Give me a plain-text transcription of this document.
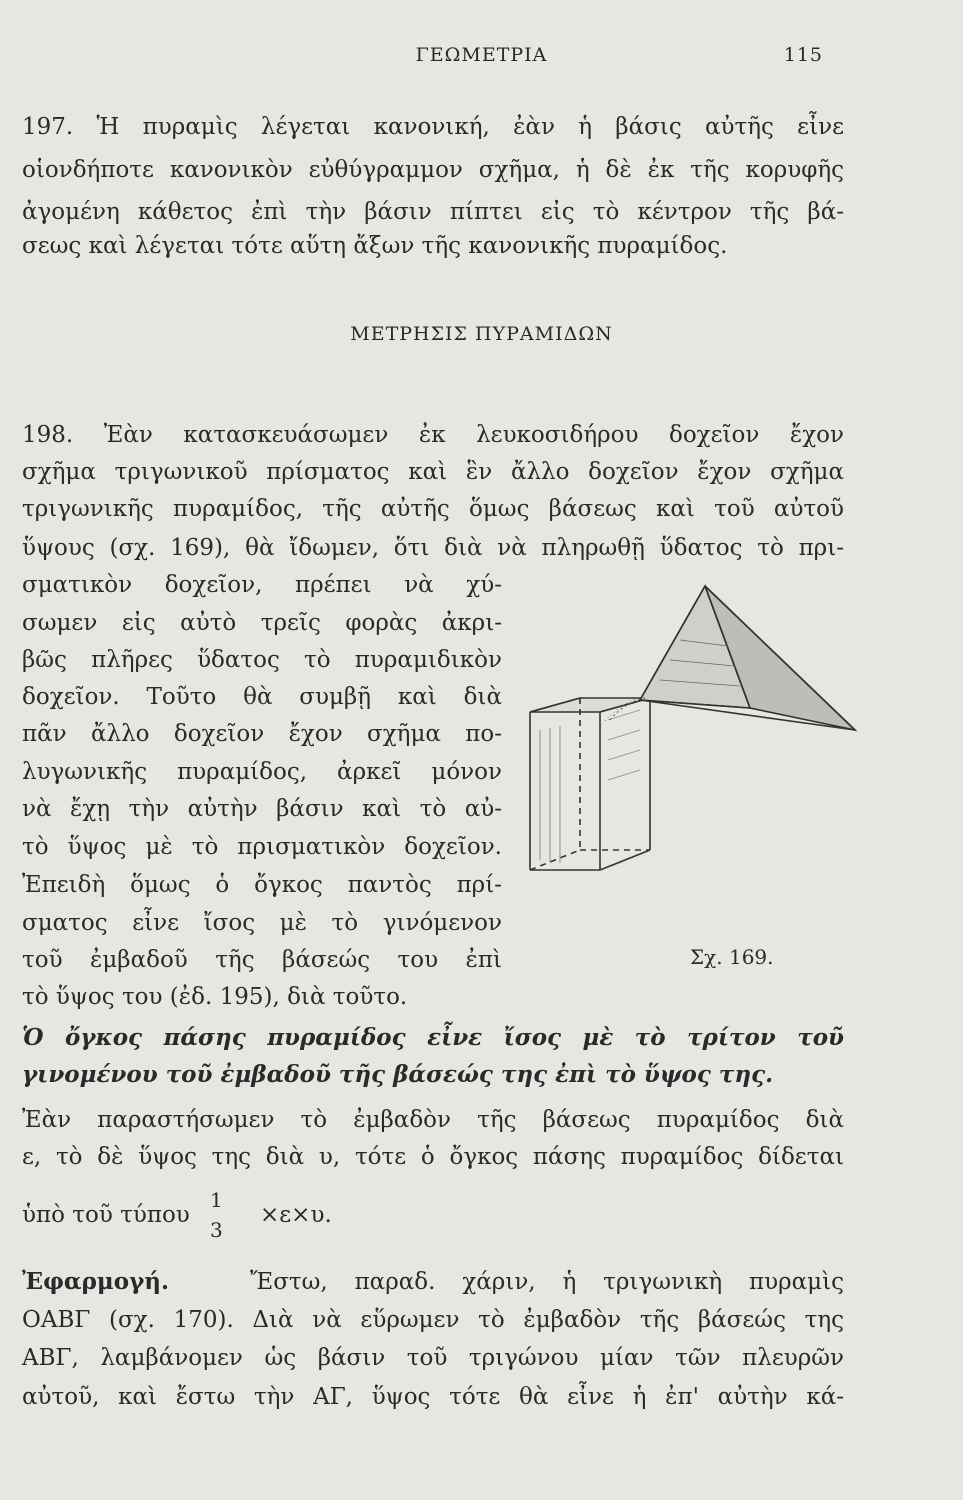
ΓΕΩΜΕΤΡΙΑ	115
197. Ἡ πυραμὶς λέγεται κανονική, ἐὰν ἡ βάσις αὐτῆς εἶνε
οἱονδήποτε κανονικὸν εὐθύγραμμον σχῆμα, ἡ δὲ ἐκ τῆς κορυφῆς
ἀγομένη κάθετος ἐπὶ τὴν βάσιν πίπτει εἰς τὸ κέντρον τῆς βά-
σεως καὶ λέγεται τότε αὕτη ἄξων τῆς κανονικῆς πυραμίδος.
ΜΕΤΡΗΣΙΣ ΠΥΡΑΜΙΔΩΝ
198. Ἐὰν κατασκευάσωμεν ἐκ λευκοσιδήρου δοχεῖον ἔχον
σχῆμα τριγωνικοῦ πρίσματος καὶ ἓν ἄλλο δοχεῖον ἔχον σχῆμα
τριγωνικῆς πυραμίδος, τῆς αὐτῆς ὅμως βάσεως καὶ τοῦ αὐτοῦ
ὕψους (σχ. 169), θὰ ἴδωμεν, ὅτι διὰ νὰ πληρωθῇ ὕδατος τὸ πρι-
σματικὸν δοχεῖον, πρέπει νὰ χύ-
σωμεν εἰς αὐτὸ τρεῖς φορὰς ἀκρι-
βῶς πλῆρες ὕδατος τὸ πυραμιδικὸν
δοχεῖον. Τοῦτο θὰ συμβῇ καὶ διὰ
πᾶν ἄλλο δοχεῖον ἔχον σχῆμα πο-
λυγωνικῆς πυραμίδος, ἀρκεῖ μόνον
νὰ ἔχῃ τὴν αὐτὴν βάσιν καὶ τὸ αὐ-
τὸ ὕψος μὲ τὸ πρισματικὸν δοχεῖον.
Ἐπειδὴ ὅμως ὁ ὄγκος παντὸς πρί-
σματος εἶνε ἴσος μὲ τὸ γινόμενον
τοῦ ἐμβαδοῦ τῆς βάσεώς του ἐπὶ
τὸ ὕψος του (ἐδ. 195), διὰ τοῦτο.
Σχ. 169.
Ὁ ὄγκος πάσης πυραμίδος εἶνε ἴσος μὲ τὸ τρίτον τοῦ
γινομένου τοῦ ἐμβαδοῦ τῆς βάσεώς της ἐπὶ τὸ ὕψος της.
Ἐὰν παραστήσωμεν τὸ ἐμβαδὸν τῆς βάσεως πυραμίδος διὰ
ε, τὸ δὲ ὕψος της διὰ υ, τότε ὁ ὄγκος πάσης πυραμίδος δίδεται
ὑπὸ τοῦ τύπου
1
3
×ε×υ.
Ἐφαρμογή.	Ἔστω, παραδ. χάριν, ἡ τριγωνικὴ πυραμὶς
ΟΑΒΓ (σχ. 170). Διὰ νὰ εὕρωμεν τὸ ἐμβαδὸν τῆς βάσεώς της
ΑΒΓ, λαμβάνομεν ὡς βάσιν τοῦ τριγώνου μίαν τῶν πλευρῶν
αὐτοῦ, καὶ ἔστω τὴν ΑΓ, ὕψος τότε θὰ εἶνε ἡ ἐπ' αὐτὴν κά-
